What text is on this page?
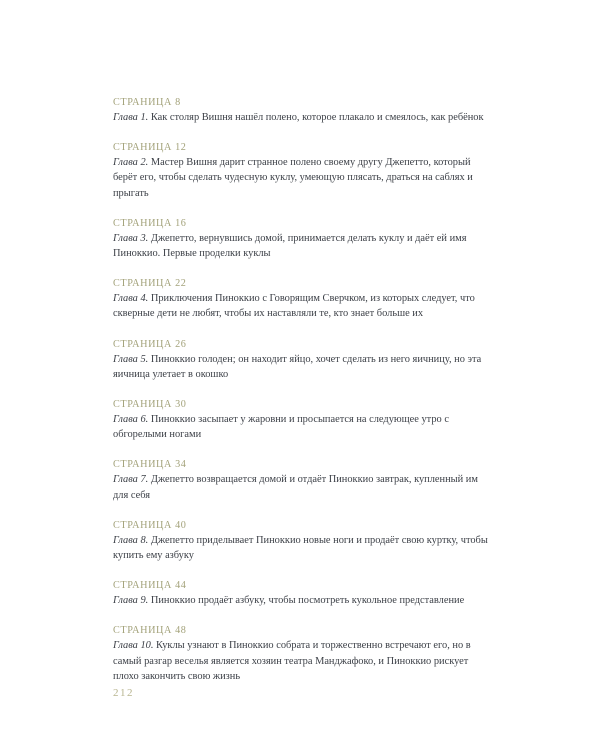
СТРАНИЦА 8

Глава 1. Как столяр Вишня нашёл полено, которое плакало и смеялось, как ребёнок

СТРАНИЦА 12

Глава 2. Мастер Вишня дарит странное полено своему другу Джепетто, который берёт его, чтобы сделать чудесную куклу, умеющую плясать, драться на саблях и прыгать

СТРАНИЦА 16

Глава 3. Джепетто, вернувшись домой, принимается делать куклу и даёт ей имя Пиноккио. Первые проделки куклы

СТРАНИЦА 22

Глава 4. Приключения Пиноккио с Говорящим Сверчком, из которых следует, что скверные дети не любят, чтобы их наставляли те, кто знает больше их

СТРАНИЦА 26

Глава 5. Пиноккио голоден; он находит яйцо, хочет сделать из него яичницу, но эта яичница улетает в окошко

СТРАНИЦА 30

Глава 6. Пиноккио засыпает у жаровни и просыпается на следующее утро с обгорелыми ногами

СТРАНИЦА 34

Глава 7. Джепетто возвращается домой и отдаёт Пиноккио завтрак, купленный им для себя

СТРАНИЦА 40

Глава 8. Джепетто приделывает Пиноккио новые ноги и продаёт свою куртку, чтобы купить ему азбуку

СТРАНИЦА 44

Глава 9. Пиноккио продаёт азбуку, чтобы посмотреть кукольное представление

СТРАНИЦА 48

Глава 10. Куклы узнают в Пиноккио собрата и торжественно встречают его, но в самый разгар веселья является хозяин театра Манджафоко, и Пиноккио рискует плохо закончить свою жизнь

212
